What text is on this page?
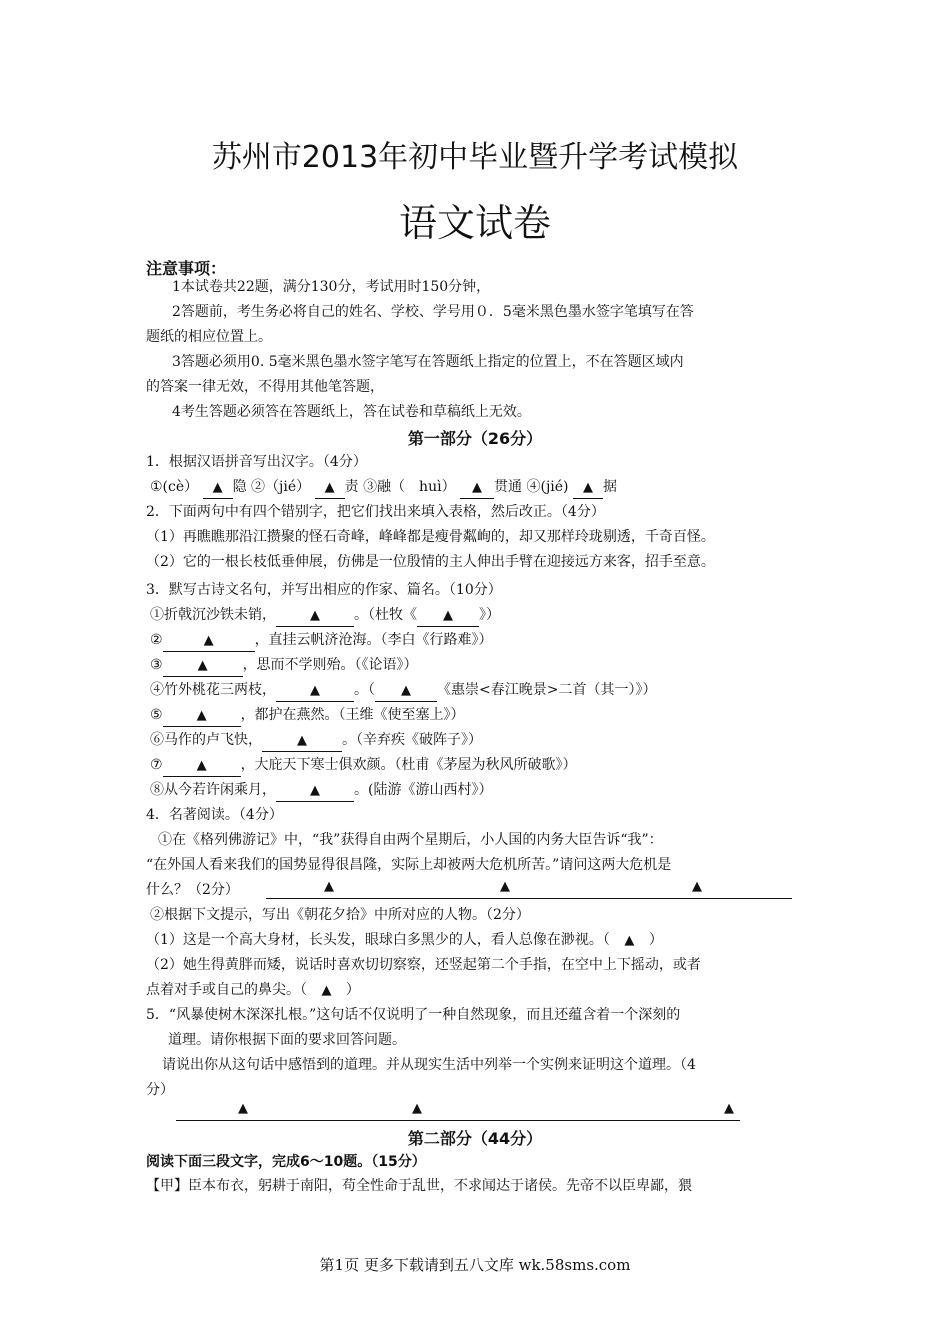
苏州市2013年初中毕业暨升学考试模拟
语文试卷
注意事项：
1本试卷共22题，满分130分，考试用时150分钟，
2答题前，考生务必将自己的姓名、学校、学号用０．5毫米黑色墨水签字笔填写在答
题纸的相应位置上。
3答题必须用0. 5毫米黑色墨水签字笔写在答题纸上指定的位置上，不在答题区域内
的答案一律无效，不得用其他笔答题，
4考生答题必须答在答题纸上，答在试卷和草稿纸上无效。
第一部分（26分）
1．根据汉语拼音写出汉字。（4分）
①(cè） ▲ 隐 ②（jié） ▲ 责 ③融（　huì） ▲ 贯通 ④(jié) ▲ 据
2．下面两句中有四个错别字，把它们找出来填入表格，然后改正。（4分）
（1）再瞧瞧那沿江攒聚的怪石奇峰，峰峰都是瘦骨粼峋的，却又那样玲珑剔透，千奇百怪。
（2）它的一根长枝低垂伸展，仿佛是一位殷情的主人伸出手臂在迎接远方来客，招手至意。
3．默写古诗文名句，并写出相应的作家、篇名。（10分）
①折戟沉沙铁未销，	▲ 。（杜牧《 ▲ 》）
②	▲	，直挂云帆济沧海。（李白《行路难》）
③	▲	，思而不学则殆。（《论语》）
④竹外桃花三两枝，	▲ 。（ ▲ 《惠崇<春江晚景>二首（其一）》）
⑤	▲ ，都护在燕然。（王维《使至塞上》）
⑥马作的卢飞快，	▲	。（辛弃疾《破阵子》）
⑦	▲ ，大庇天下寒士俱欢颜。（杜甫《茅屋为秋风所破歌》）
⑧从今若许闲乘月，	▲ 。(陆游《游山西村》）
4．名著阅读。（4分）
①在《格列佛游记》中，“我”获得自由两个星期后，小人国的内务大臣告诉“我”：
“在外国人看来我们的国势显得很昌隆，实际上却被两大危机所苦。”请问这两大危机是
什么？（2分）	▲	▲	▲
②根据下文提示，写出《朝花夕拾》中所对应的人物。（2分）
（1）这是一个高大身材，长头发，眼球白多黑少的人，看人总像在渺视。（ ▲ ）
（2）她生得黄胖而矮，说话时喜欢切切察察，还竖起第二个手指，在空中上下摇动，或者
点着对手或自己的鼻尖。（ ▲ ）
5．“风暴使树木深深扎根。”这句话不仅说明了一种自然现象，而且还蕴含着一个深刻的
道理。请你根据下面的要求回答问题。
请说出你从这句话中感悟到的道理。并从现实生活中列举一个实例来证明这个道理。（4
分）
▲	▲	▲
第二部分（44分）
阅读下面三段文字，完成6～10题。（15分）
【甲】臣本布衣，躬耕于南阳，苟全性命于乱世，不求闻达于诸侯。先帝不以臣卑鄙，猥
第1页 更多下载请到五八文库 wk.58sms.com
